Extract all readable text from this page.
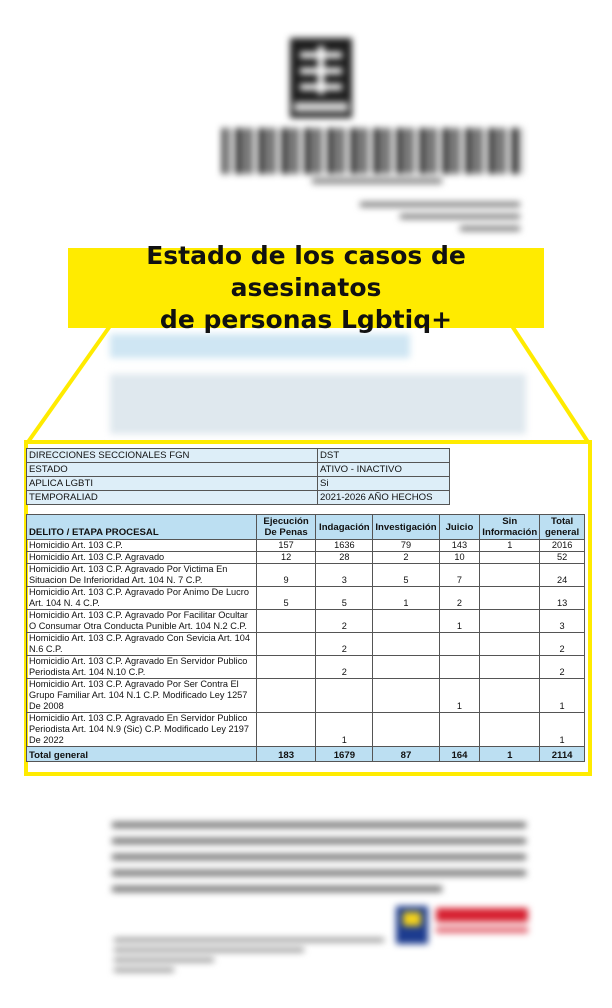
Estado de los casos de asesinatos
de personas Lgbtiq+
DIRECCIONES SECCIONALES FGN	DST
ESTADO	ATIVO - INACTIVO
APLICA LGBTI	Si
TEMPORALIAD	2021-2026 AÑO HECHOS
DELITO / ETAPA PROCESAL	Ejecución De Penas	Indagación	Investigación	Juicio	Sin Información	Total general
Homicidio Art. 103 C.P.	157	1636	79	143	1	2016
Homicidio Art. 103 C.P. Agravado	12	28	2	10		52
Homicidio Art. 103 C.P. Agravado Por Victima En Situacion De Inferioridad Art. 104 N. 7 C.P.	9	3	5	7		24
Homicidio Art. 103 C.P. Agravado Por Animo De Lucro Art. 104 N. 4 C.P.	5	5	1	2		13
Homicidio Art. 103 C.P. Agravado Por Facilitar Ocultar O Consumar Otra Conducta Punible Art. 104 N.2 C.P.		2		1		3
Homicidio Art. 103 C.P. Agravado Con Sevicia Art. 104 N.6 C.P.		2				2
Homicidio Art. 103 C.P. Agravado En Servidor Publico Periodista Art. 104 N.10 C.P.		2				2
Homicidio Art. 103 C.P. Agravado Por Ser Contra El Grupo Familiar Art. 104 N.1 C.P. Modificado Ley 1257 De 2008				1		1
Homicidio Art. 103 C.P. Agravado En Servidor Publico Periodista Art. 104 N.9 (Sic) C.P. Modificado Ley 2197 De 2022		1				1
Total general	183	1679	87	164	1	2114
